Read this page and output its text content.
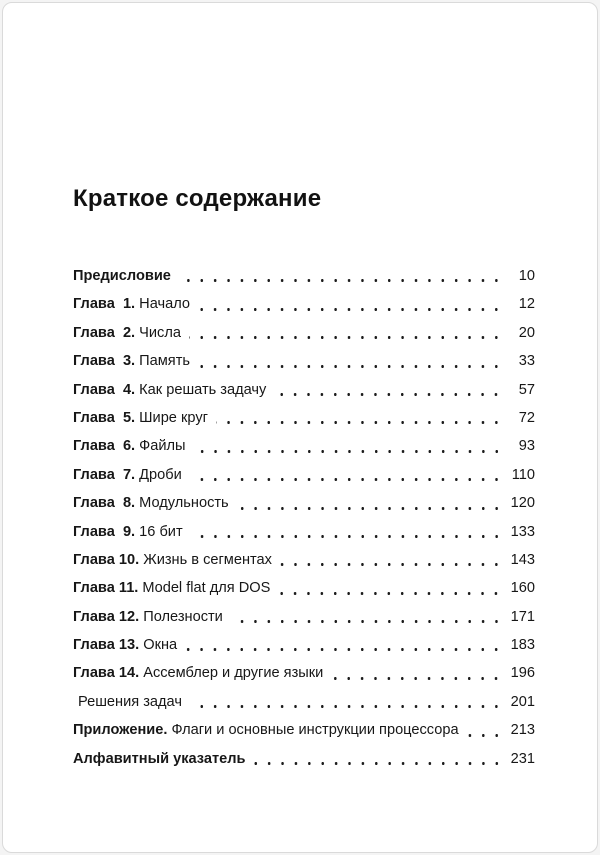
Краткое содержание
Предисловие	10
Глава  1. Начало	12
Глава  2. Числа	20
Глава  3. Память	33
Глава  4. Как решать задачу	57
Глава  5. Шире круг	72
Глава  6. Файлы	93
Глава  7. Дроби	110
Глава  8. Модульность	120
Глава  9. 16 бит	133
Глава 10. Жизнь в сегментах	143
Глава 11. Model flat для DOS	160
Глава 12. Полезности	171
Глава 13. Окна	183
Глава 14. Ассемблер и другие языки	196
Решения задач	201
Приложение. Флаги и основные инструкции процессора	213
Алфавитный указатель	231
